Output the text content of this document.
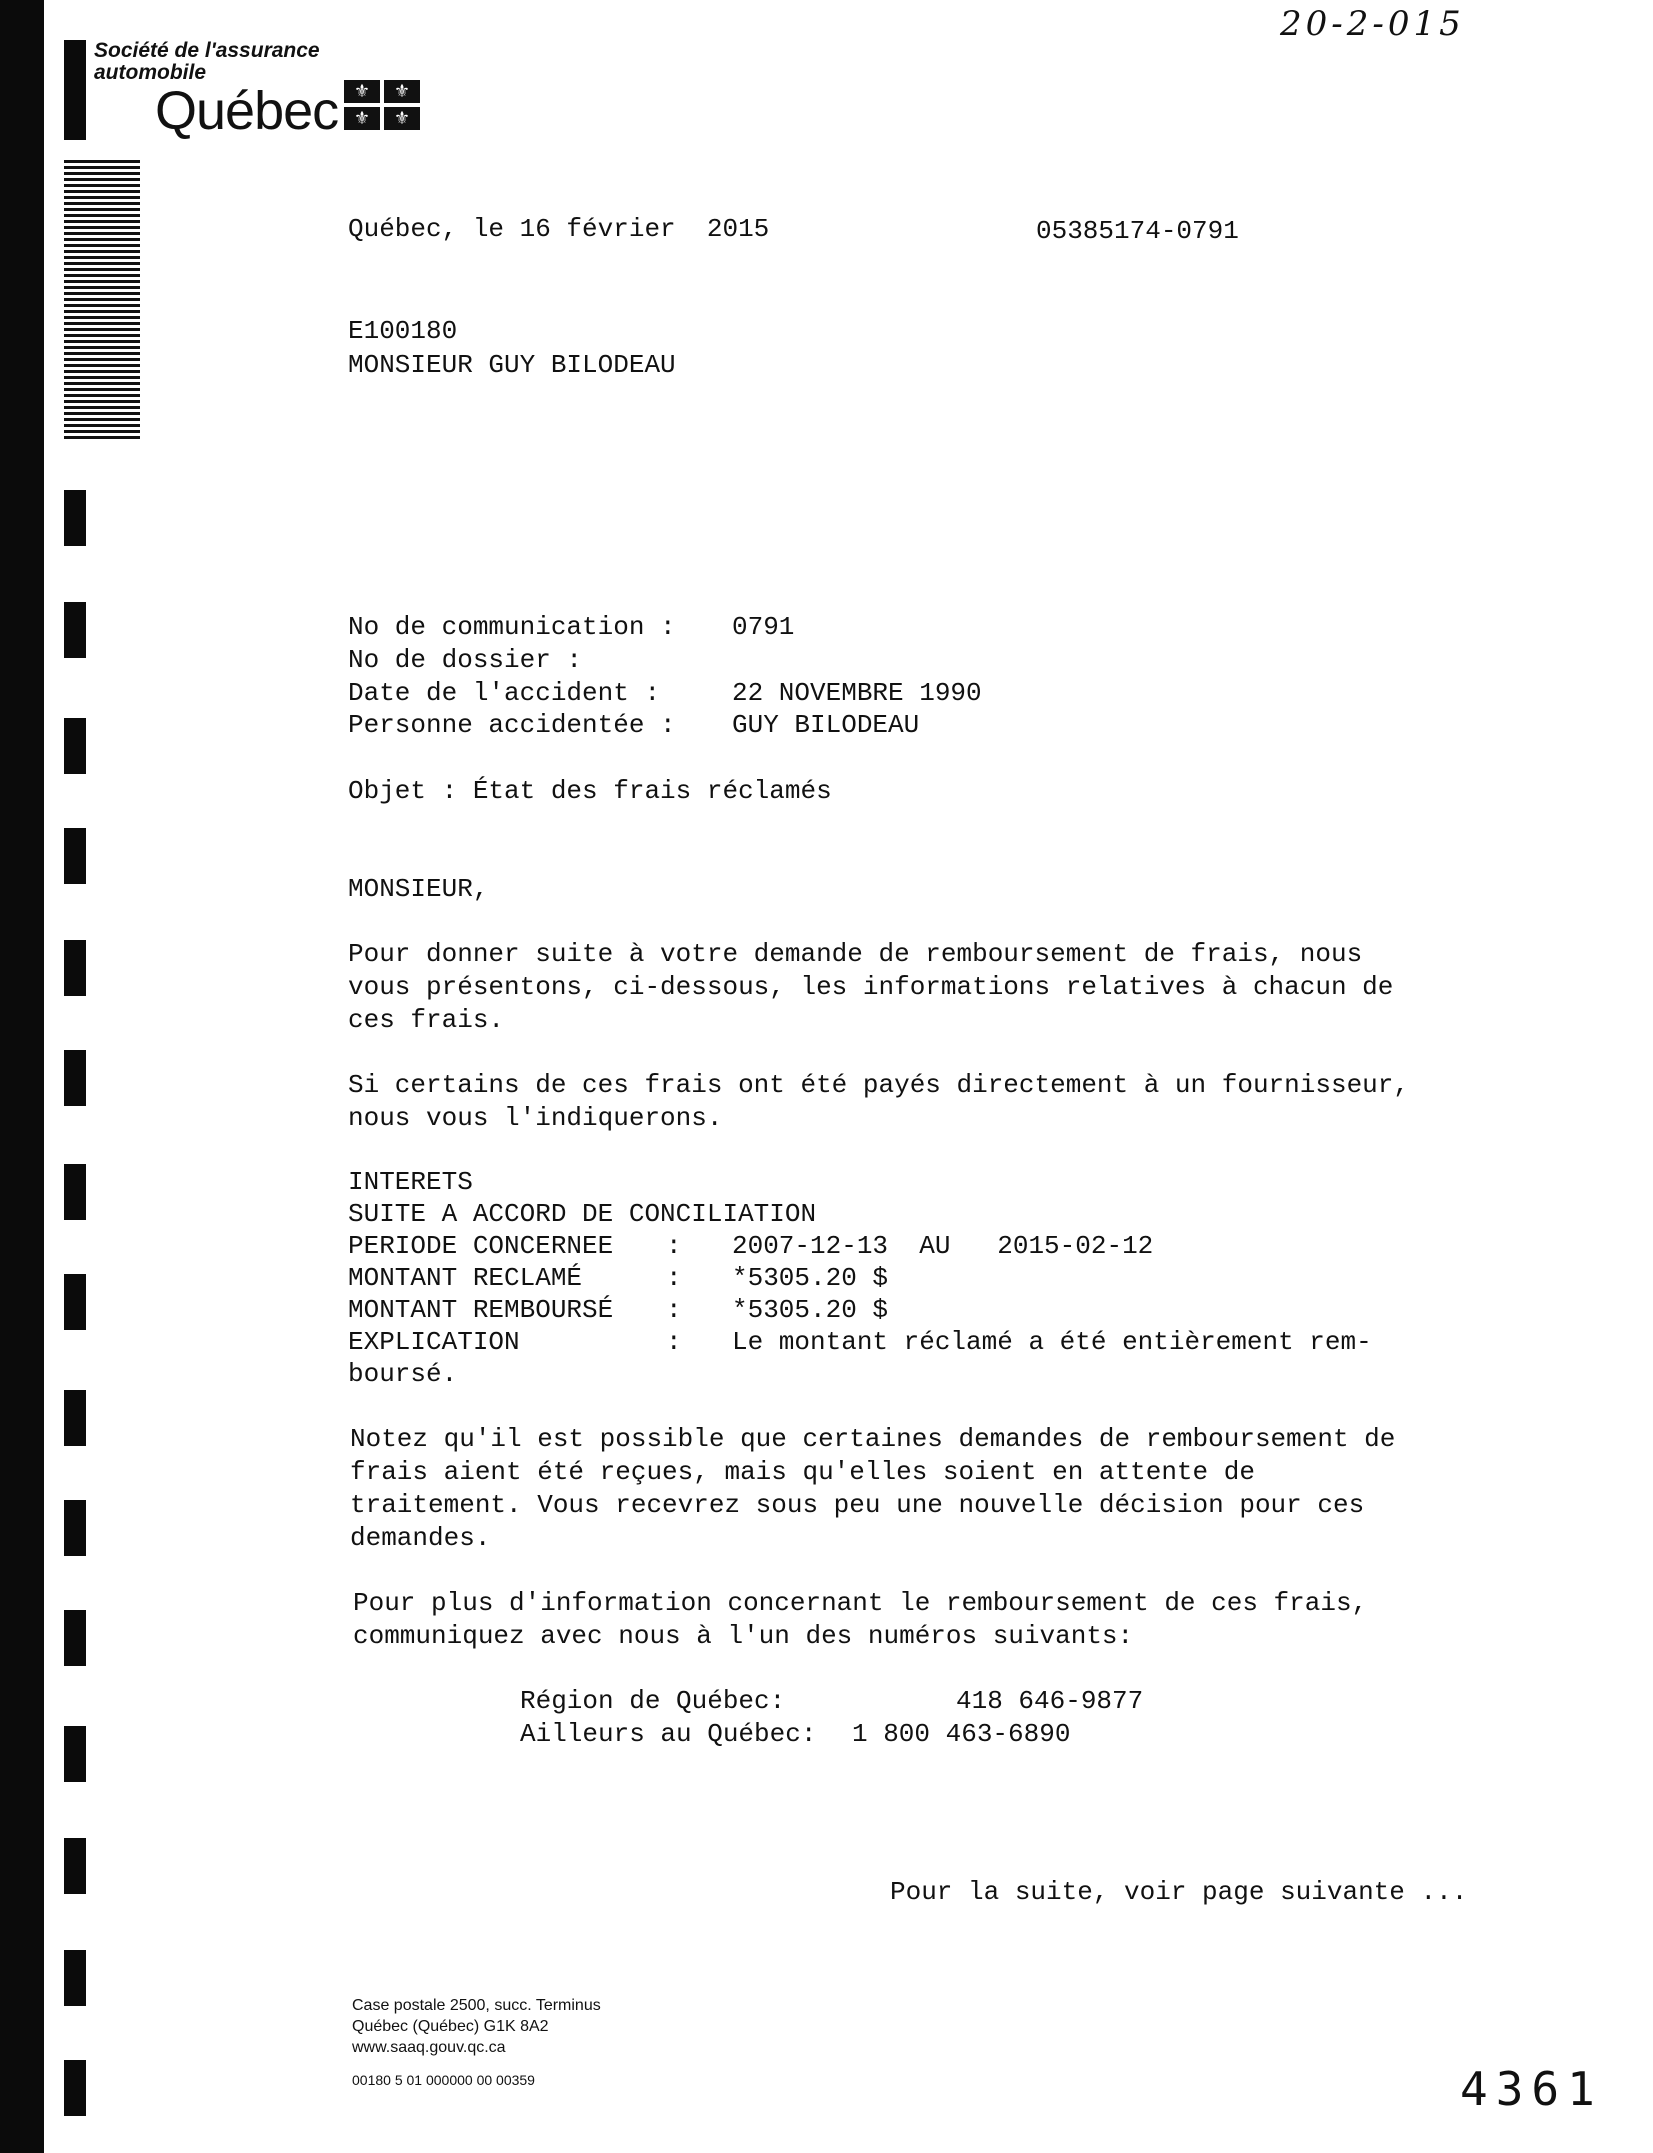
20-2-015
Société de l'assurance
automobile
Québec ⚜	⚜
⚜	⚜
Québec, le 16 février  2015	05385174-0791
E100180
MONSIEUR GUY BILODEAU
No de communication : 0791
No de dossier :
Date de l'accident :	22 NOVEMBRE 1990
Personne accidentée : GUY BILODEAU
Objet : État des frais réclamés
MONSIEUR,
Pour donner suite à votre demande de remboursement de frais, nous
vous présentons, ci-dessous, les informations relatives à chacun de
ces frais.
Si certains de ces frais ont été payés directement à un fournisseur,
nous vous l'indiquerons.
INTERETS
SUITE A ACCORD DE CONCILIATION
PERIODE CONCERNEE : 2007-12-13  AU   2015-02-12
MONTANT RECLAMÉ	: *5305.20 $
MONTANT REMBOURSÉ : *5305.20 $
EXPLICATION	: Le montant réclamé a été entièrement rem-
boursé.
Notez qu'il est possible que certaines demandes de remboursement de
frais aient été reçues, mais qu'elles soient en attente de
traitement. Vous recevrez sous peu une nouvelle décision pour ces
demandes.
Pour plus d'information concernant le remboursement de ces frais,
communiquez avec nous à l'un des numéros suivants:
Région de Québec:	418 646-9877
Ailleurs au Québec: 1 800 463-6890
Pour la suite, voir page suivante ...
Case postale 2500, succ. Terminus
Québec (Québec) G1K 8A2
www.saaq.gouv.qc.ca
00180 5 01 000000 00 00359	4361
